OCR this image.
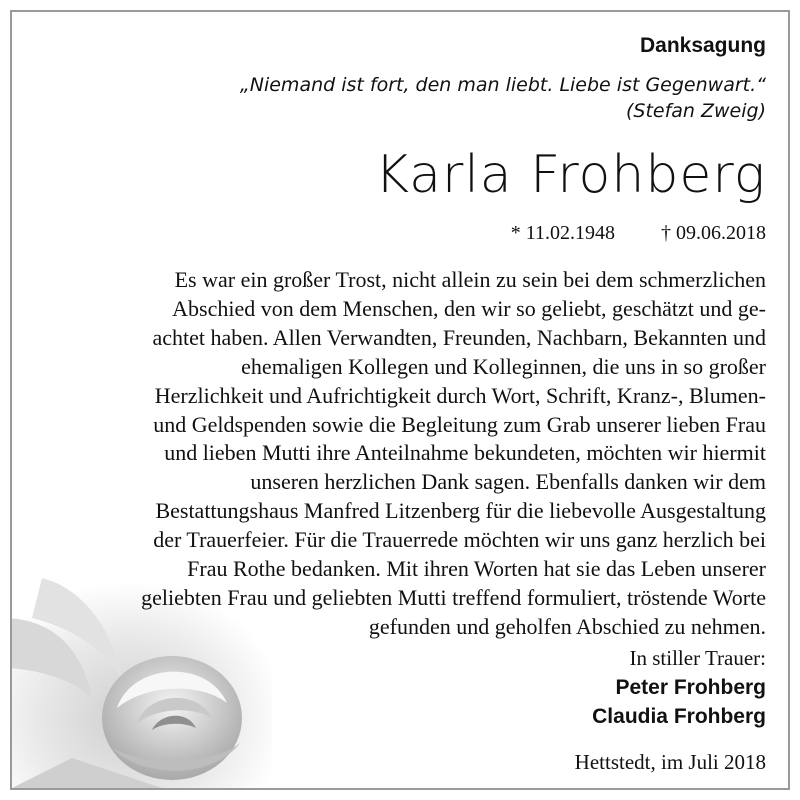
Danksagung
„Niemand ist fort, den man liebt. Liebe ist Gegenwart.“
(Stefan Zweig)
Karla Frohberg
* 11.02.1948 † 09.06.2018
Es war ein großer Trost, nicht allein zu sein bei dem schmerzlichen
Abschied von dem Menschen, den wir so geliebt, geschätzt und ge-
achtet haben. Allen Verwandten, Freunden, Nachbarn, Bekannten und
ehemaligen Kollegen und Kolleginnen, die uns in so großer
Herzlichkeit und Aufrichtigkeit durch Wort, Schrift, Kranz-, Blumen-
und Geldspenden sowie die Begleitung zum Grab unserer lieben Frau
und lieben Mutti ihre Anteilnahme bekundeten, möchten wir hiermit
unseren herzlichen Dank sagen. Ebenfalls danken wir dem
Bestattungshaus Manfred Litzenberg für die liebevolle Ausgestaltung
der Trauerfeier. Für die Trauerrede möchten wir uns ganz herzlich bei
Frau Rothe bedanken. Mit ihren Worten hat sie das Leben unserer
geliebten Frau und geliebten Mutti treffend formuliert, tröstende Worte
gefunden und geholfen Abschied zu nehmen.
In stiller Trauer:
Peter Frohberg
Claudia Frohberg
Hettstedt, im Juli 2018
